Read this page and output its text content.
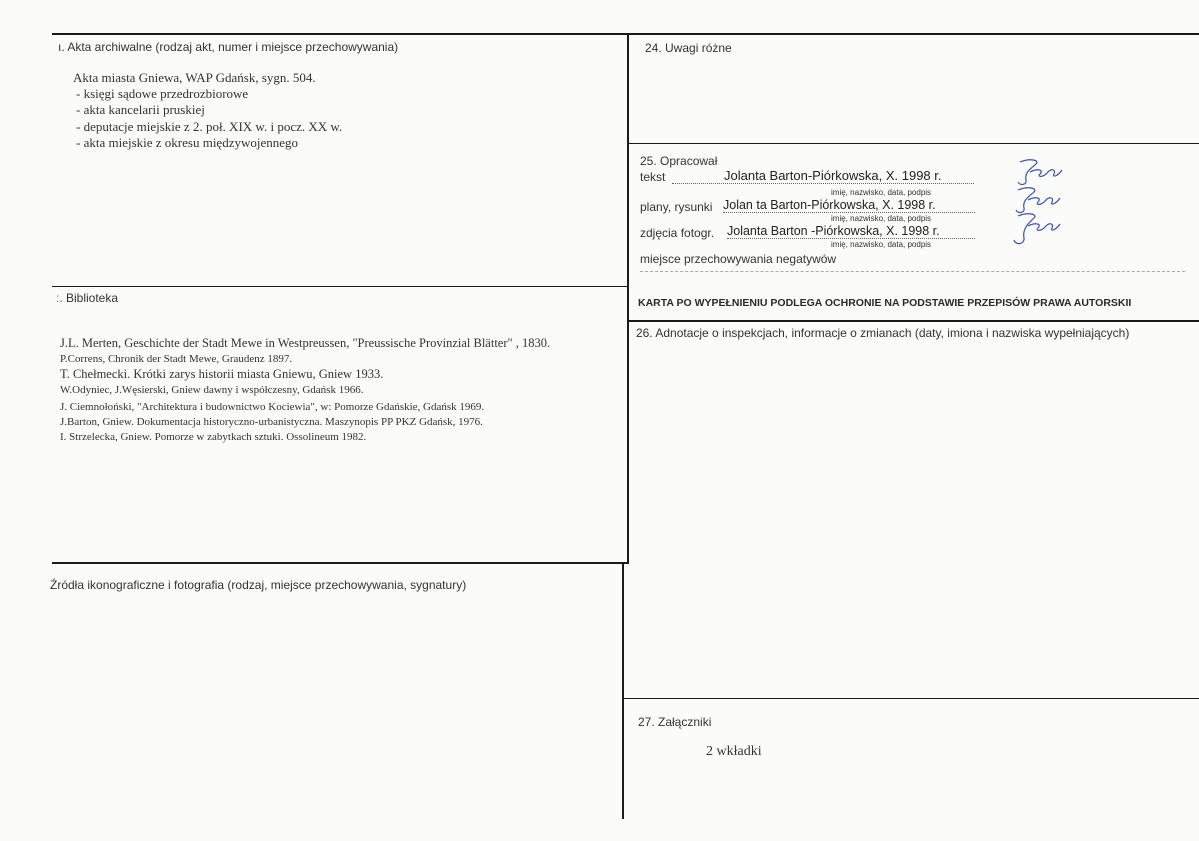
ı. Akta archiwalne (rodzaj akt, numer i miejsce przechowywania)
Akta miasta Gniewa, WAP Gdańsk, sygn. 504.
- księgi sądowe przedrozbiorowe
- akta kancelarii pruskiej
- deputacje miejskie z 2. poł. XIX w. i pocz. XX w.
- akta miejskie z okresu międzywojennego
ː. Biblioteka
J.L. Merten, Geschichte der Stadt Mewe in Westpreussen, "Preussische Provinzial Blätter" , 1830.
P.Correns, Chronik der Stadt Mewe, Graudenz 1897.
T. Chełmecki. Krótki zarys historii miasta Gniewu, Gniew 1933.
W.Odyniec, J.Węsierski, Gniew dawny i współczesny, Gdańsk 1966.
J. Ciemnołoński, "Architektura i budownictwo Kociewia", w: Pomorze Gdańskie, Gdańsk 1969.
J.Barton, Gniew. Dokumentacja historyczno-urbanistyczna. Maszynopis PP PKZ Gdańsk, 1976.
I. Strzelecka, Gniew. Pomorze w zabytkach sztuki. Ossolineum 1982.
Źródła ikonograficzne i fotografia (rodzaj, miejsce przechowywania, sygnatury)
24. Uwagi różne
25. Opracował
tekst	Jolanta Barton-Piórkowska, X. 1998 r.
imię, nazwisko, data, podpis
plany, rysunki Jolan ta Barton-Piórkowska, X. 1998 r.
imię, nazwisko, data, podpis
zdjęcia fotogr. Jolanta Barton -Piórkowska, X. 1998 r.
imię, nazwisko, data, podpis
miejsce przechowywania negatywów
KARTA PO WYPEŁNIENIU PODLEGA OCHRONIE NA PODSTAWIE PRZEPISÓW PRAWA AUTORSKII
26. Adnotacje o inspekcjach, informacje o zmianach (daty, imiona i nazwiska wypełniających)
27. Załączniki
2 wkładki
